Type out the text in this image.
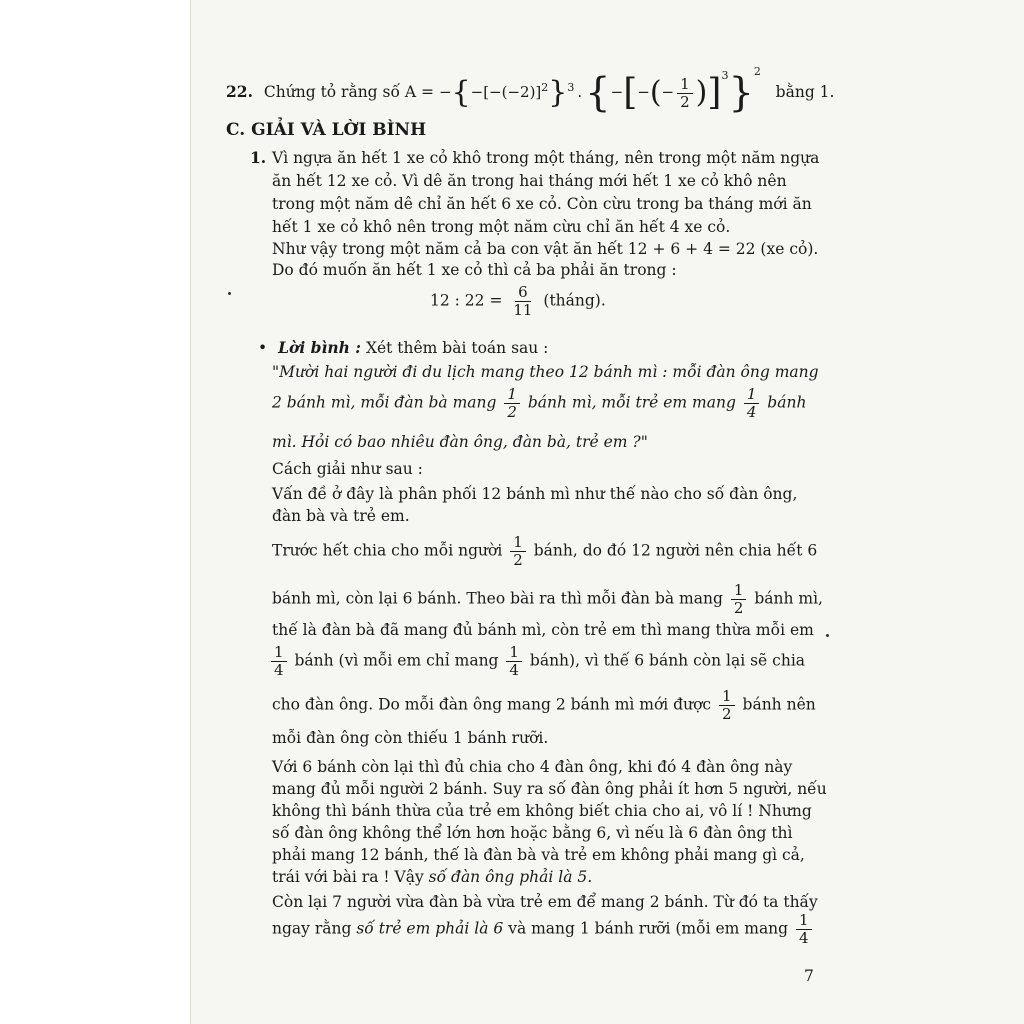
22. Chứng tỏ rằng số $A = -\{-[-(-2)]^2\}^3$ .{−[−(− $\frac{1}{2} )]^3\}^2$ bằng 1.
C. GIẢI VÀ LỜI BÌNH
1. Vì ngựa ăn hết 1 xe cỏ khô trong một tháng, nên trong một năm ngựa
ăn hết 12 xe cỏ. Vì dê ăn trong hai tháng mới hết 1 xe cỏ khô nên
trong một năm dê chỉ ăn hết 6 xe cỏ. Còn cừu trong ba tháng mới ăn
hết 1 xe cỏ khô nên trong một năm cừu chỉ ăn hết 4 xe cỏ.
Như vậy trong một năm cả ba con vật ăn hết 12 + 6 + 4 = 22 (xe cỏ).
Do đó muốn ăn hết 1 xe cỏ thì cả ba phải ăn trong :
12 : $22 = \frac{6}{11}$ (tháng).
• Lời bình : Xét thêm bài toán sau :
"Mười hai người đi du lịch mang theo 12 bánh mì : mỗi đàn ông mang
2 bánh mì, mỗi đàn bà mang $\frac{1}{2}$ bánh mì, mỗi trẻ em mang $\frac{1}{4}$ bánh
mì. Hỏi có bao nhiêu đàn ông, đàn bà, trẻ em ?"
Cách giải như sau :
Vấn đề ở đây là phân phối 12 bánh mì như thế nào cho số đàn ông,
đàn bà và trẻ em.
Trước hết chia cho mỗi người $\frac{1}{2}$ bánh, do đó 12 người nên chia hết 6
bánh mì, còn lại 6 bánh. Theo bài ra thì mỗi đàn bà mang $\frac{1}{2}$ bánh mì,
thế là đàn bà đã mang đủ bánh mì, còn trẻ em thì mang thừa mỗi em
$\frac{1}{4}$ bánh (vì mỗi em chỉ mang $\frac{1}{4}$ bánh), vì thế 6 bánh còn lại sẽ chia
cho đàn ông. Do mỗi đàn ông mang 2 bánh mì mới được $\frac{1}{2}$ bánh nên
mỗi đàn ông còn thiếu 1 bánh rưỡi.
Với 6 bánh còn lại thì đủ chia cho 4 đàn ông, khi đó 4 đàn ông này
mang đủ mỗi người 2 bánh. Suy ra số đàn ông phải ít hơn 5 người, nếu
không thì bánh thừa của trẻ em không biết chia cho ai, vô lí ! Nhưng
số đàn ông không thể lớn hơn hoặc bằng 6, vì nếu là 6 đàn ông thì
phải mang 12 bánh, thế là đàn bà và trẻ em không phải mang gì cả,
trái với bài ra ! Vậy số đàn ông phải là 5.
Còn lại 7 người vừa đàn bà vừa trẻ em để mang 2 bánh. Từ đó ta thấy
ngay rằng số trẻ em phải là 6 và mang 1 bánh rưỡi (mỗi em mang $\frac{1}{4}$
7
